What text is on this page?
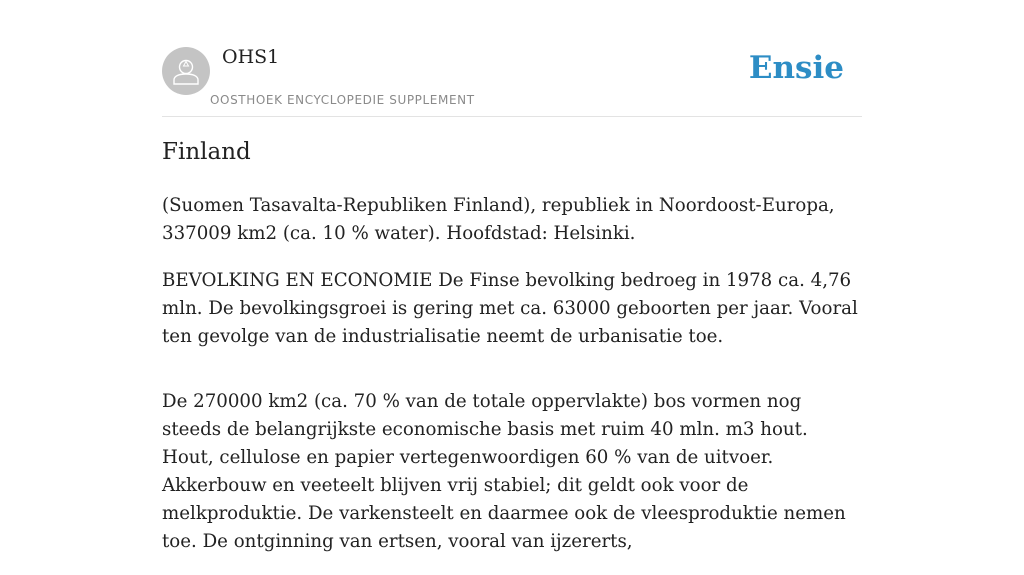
OHS1
OOSTHOEK ENCYCLOPEDIE SUPPLEMENT
Ensie
Finland

(Suomen Tasavalta-Republiken Finland), republiek in Noordoost-Europa, 337009 km2 (ca. 10 % water). Hoofdstad: Helsinki.

BEVOLKING EN ECONOMIE De Finse bevolking bedroeg in 1978 ca. 4,76 mln. De bevolkingsgroei is gering met ca. 63000 geboorten per jaar. Vooral ten gevolge van de industrialisatie neemt de urbanisatie toe.

De 270000 km2 (ca. 70 % van de totale oppervlakte) bos vormen nog steeds de belangrijkste economische basis met ruim 40 mln. m3 hout. Hout, cellulose en papier vertegenwoordigen 60 % van de uitvoer. Akkerbouw en veeteelt blijven vrij stabiel; dit geldt ook voor de melkproduktie. De varkensteelt en daarmee ook de vleesproduktie nemen toe. De ontginning van ertsen, vooral van ijzererts,
